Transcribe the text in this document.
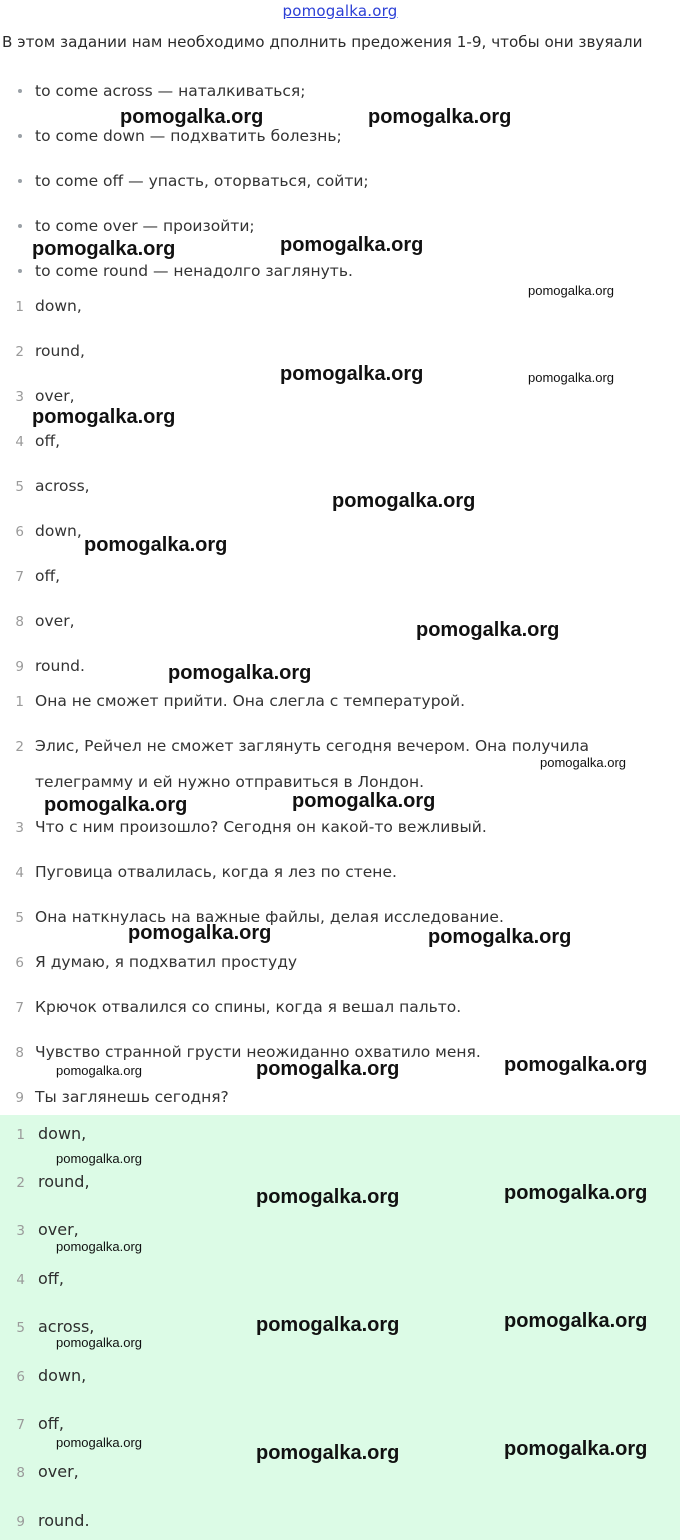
pomogalka.org
В этом задании нам необходимо дполнить предожения 1-9, чтобы они звуяали
to come across — наталкиваться;
to come down — подхватить болезнь;
to come off — упасть, оторваться, сойти;
to come over — произойти;
to come round — ненадолго заглянуть.
1 down,
2 round,
3 over,
4 off,
5 across,
6 down,
7 off,
8 over,
9 round.
1 Она не сможет прийти. Она слегла с температурой.
2 Элис, Рейчел не сможет заглянуть сегодня вечером. Она получила
телеграмму и ей нужно отправиться в Лондон.
3 Что с ним произошло? Сегодня он какой-то вежливый.
4 Пуговица отвалилась, когда я лез по стене.
5 Она наткнулась на важные файлы, делая исследование.
6 Я думаю, я подхватил простуду
7 Крючок отвалился со спины, когда я вешал пальто.
8 Чувство странной грусти неожиданно охватило меня.
9 Ты заглянешь сегодня?
1 down,
2 round,
3 over,
4 off,
5 across,
6 down,
7 off,
8 over,
9 round.
pomogalka.org	pomogalka.org
pomogalka.org	pomogalka.org
pomogalka.org
pomogalka.org	pomogalka.org
pomogalka.org
pomogalka.org
pomogalka.org
pomogalka.org
pomogalka.org
pomogalka.org
pomogalka.org	pomogalka.org
pomogalka.org	pomogalka.org
pomogalka.org	pomogalka.org	pomogalka.org
pomogalka.org
pomogalka.org	pomogalka.org
pomogalka.org
pomogalka.org
pomogalka.org	pomogalka.org
pomogalka.org	pomogalka.org	pomogalka.org
